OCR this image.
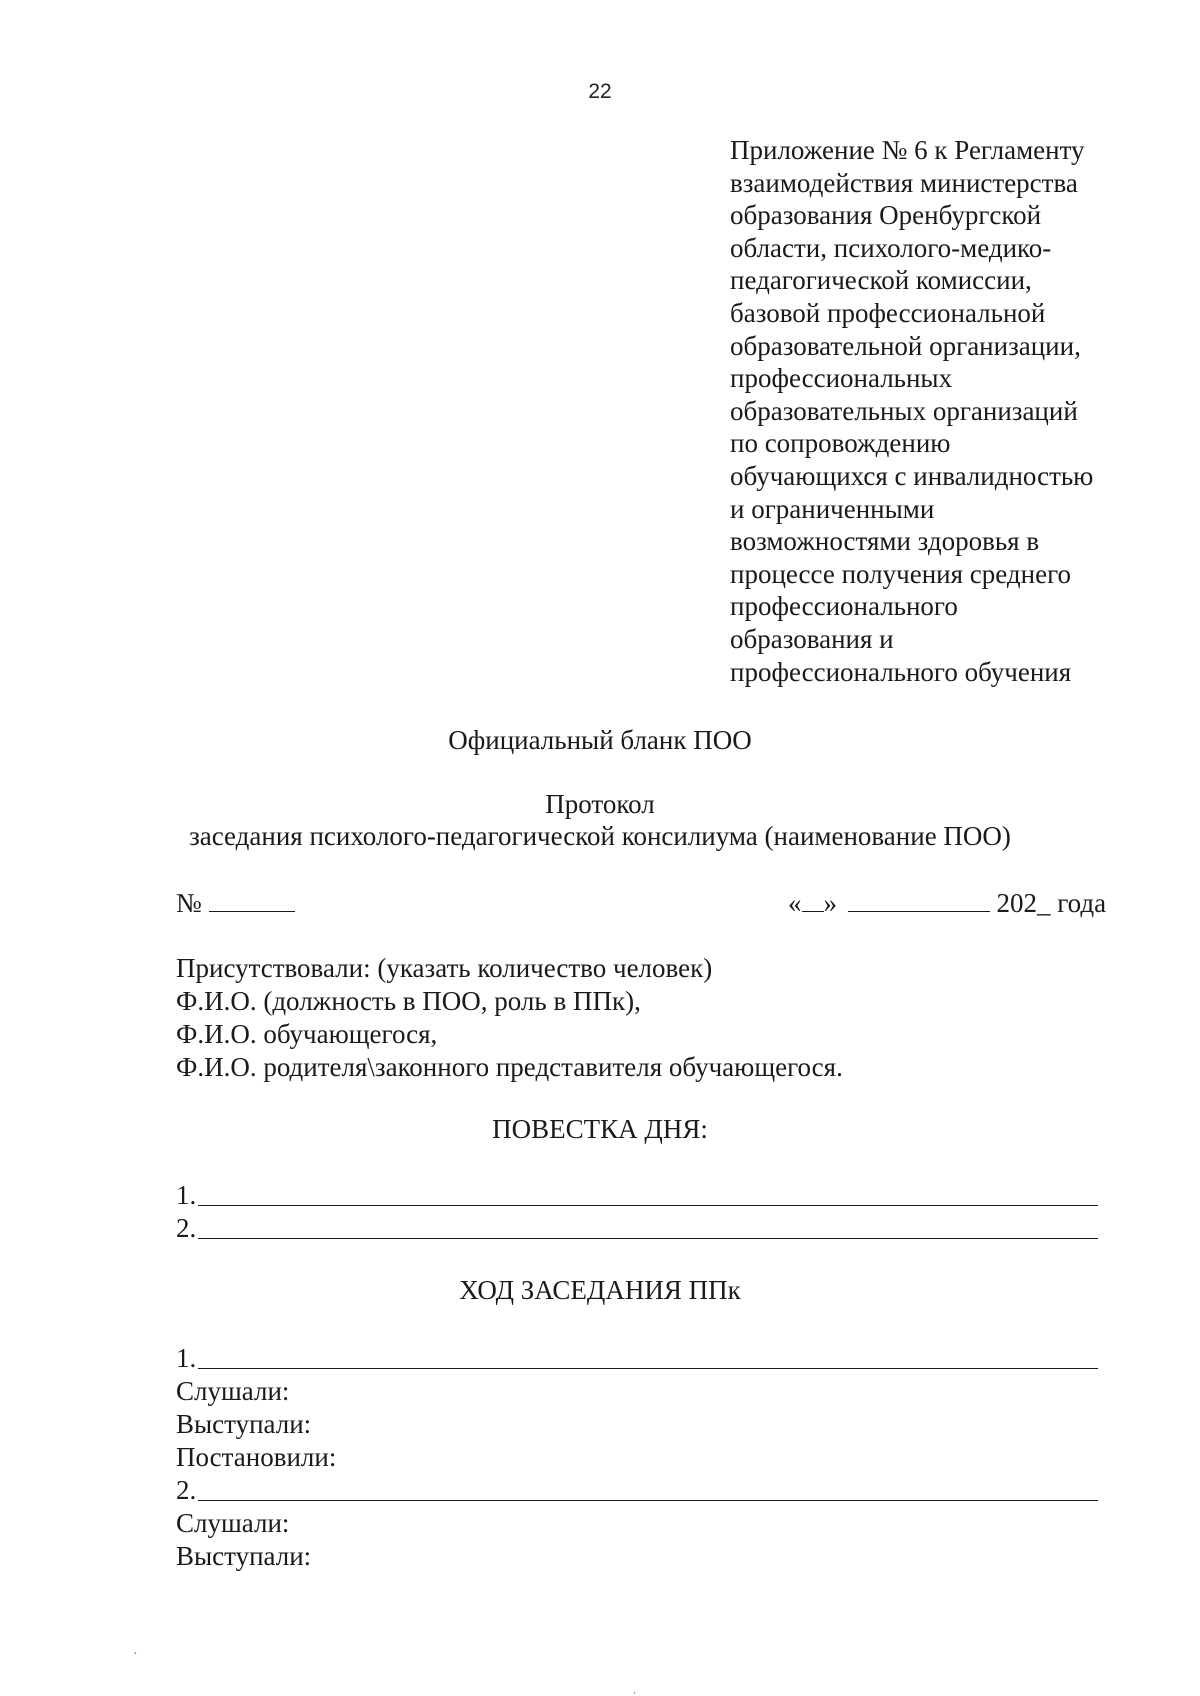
22
Приложение № 6 к Регламенту
взаимодействия министерства
образования Оренбургской
области, психолого-медико-
педагогической комиссии,
базовой профессиональной
образовательной организации,
профессиональных
образовательных организаций
по сопровождению
обучающихся с инвалидностью
и ограниченными
возможностями здоровья в
процессе получения среднего
профессионального
образования и
профессионального обучения
Официальный бланк ПОО
Протокол
заседания психолого-педагогической консилиума (наименование ПОО)
№	« »	202_ года
Присутствовали: (указать количество человек)
Ф.И.О. (должность в ПОО, роль в ППк),
Ф.И.О. обучающегося,
Ф.И.О. родителя\законного представителя обучающегося.
ПОВЕСТКА ДНЯ:
1.
2.
ХОД ЗАСЕДАНИЯ ППк
1.
Слушали:
Выступали:
Постановили:
2.
Слушали:
Выступали:
·
ˌ
